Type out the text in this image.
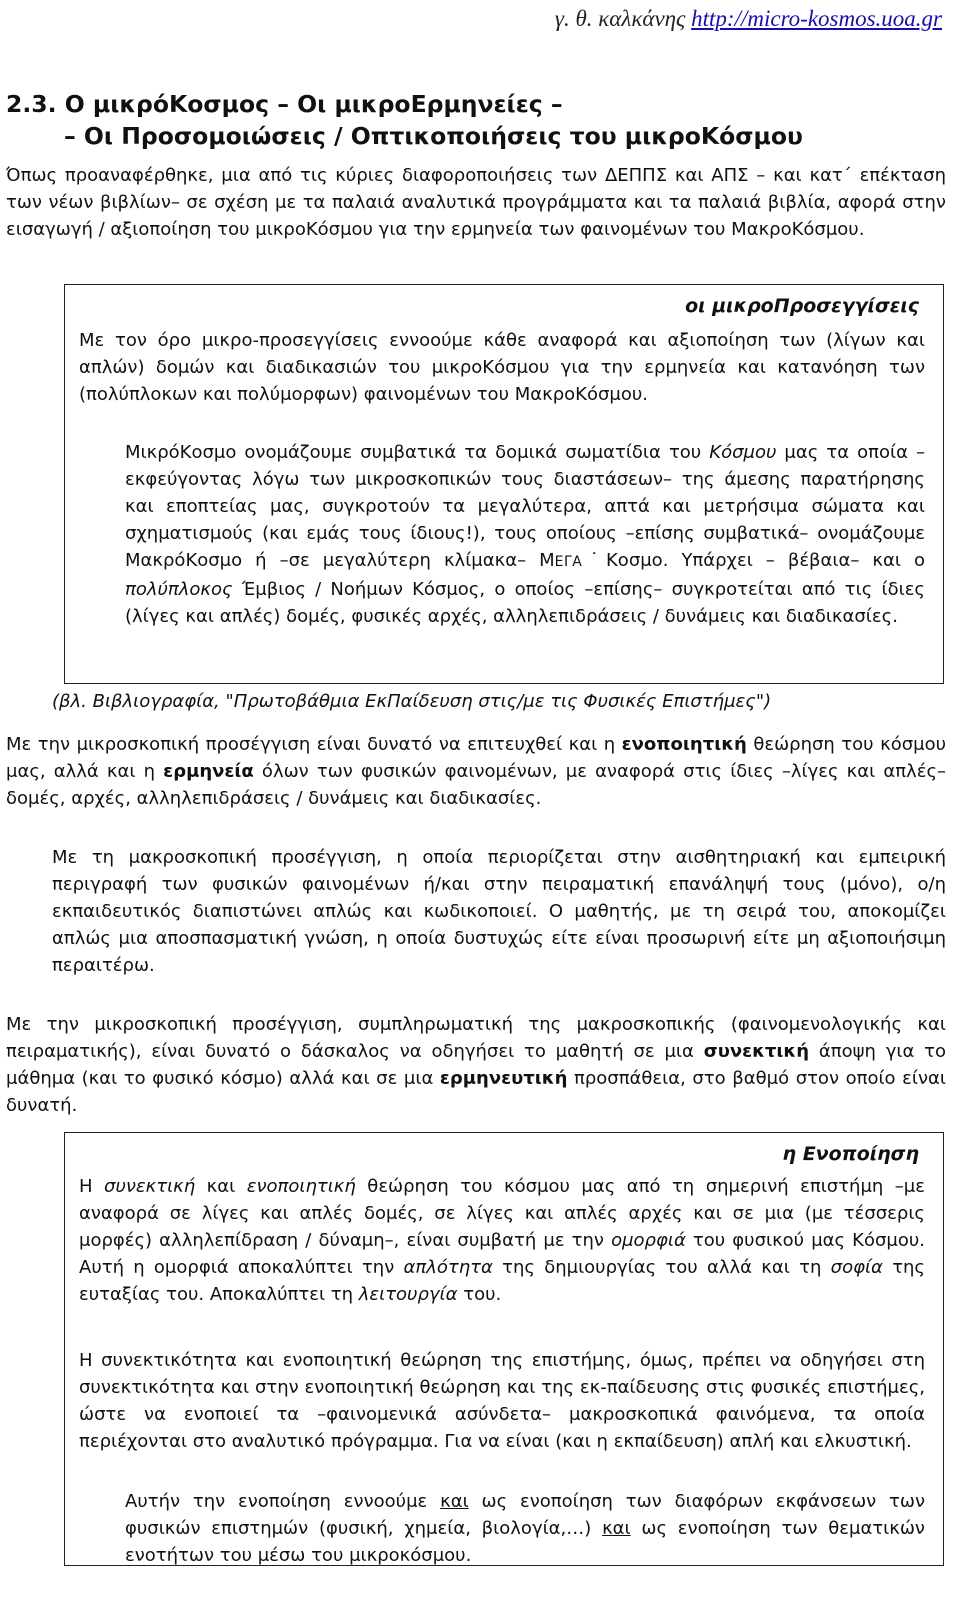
γ. θ. καλκάνης http://micro-kosmos.uoa.gr
2.3. Ο μικρόΚοσμος – Οι μικροΕρμηνείες –
– Οι Προσομοιώσεις / Οπτικοποιήσεις του μικροΚόσμου

Όπως προαναφέρθηκε, μια από τις κύριες διαφοροποιήσεις των ΔΕΠΠΣ και ΑΠΣ – και κατ΄ επέκταση των νέων βιβλίων– σε σχέση με τα παλαιά αναλυτικά προγράμματα και τα παλαιά βιβλία, αφορά στην εισαγωγή / αξιοποίηση του μικροΚόσμου για την ερμηνεία των φαινομένων του ΜακροΚόσμου.

οι μικροΠροσεγγίσεις

Με τον όρο μικρο-προσεγγίσεις εννοούμε κάθε αναφορά και αξιοποίηση των (λίγων και απλών) δομών και διαδικασιών του μικροΚόσμου για την ερμηνεία και κατανόηση των (πολύπλοκων και πολύμορφων) φαινομένων του ΜακροΚόσμου.

ΜικρόΚοσμο ονομάζουμε συμβατικά τα δομικά σωματίδια του Κόσμου μας τα οποία –εκφεύγοντας λόγω των μικροσκοπικών τους διαστάσεων– της άμεσης παρατήρησης και εποπτείας μας, συγκροτούν τα μεγαλύτερα, απτά και μετρήσιμα σώματα και σχηματισμούς (και εμάς τους ίδιους!), τους οποίους –επίσης συμβατικά– ονομάζουμε ΜακρόΚοσμο ή –σε μεγαλύτερη κλίμακα– ΜΕΓΑ˙Κοσμο. Υπάρχει – βέβαια– και ο πολύπλοκος Έμβιος / Νοήμων Κόσμος, ο οποίος –επίσης– συγκροτείται από τις ίδιες (λίγες και απλές) δομές, φυσικές αρχές, αλληλεπιδράσεις / δυνάμεις και διαδικασίες.

(βλ. Βιβλιογραφία, "Πρωτοβάθμια ΕκΠαίδευση στις/με τις Φυσικές Επιστήμες")

Με την μικροσκοπική προσέγγιση είναι δυνατό να επιτευχθεί και η ενοποιητική θεώρηση του κόσμου μας, αλλά και η ερμηνεία όλων των φυσικών φαινομένων, με αναφορά στις ίδιες –λίγες και απλές– δομές, αρχές, αλληλεπιδράσεις / δυνάμεις και διαδικασίες.

Με τη μακροσκοπική προσέγγιση, η οποία περιορίζεται στην αισθητηριακή και εμπειρική περιγραφή των φυσικών φαινομένων ή/και στην πειραματική επανάληψή τους (μόνο), ο/η εκπαιδευτικός διαπιστώνει απλώς και κωδικοποιεί. Ο μαθητής, με τη σειρά του, αποκομίζει απλώς μια αποσπασματική γνώση, η οποία δυστυχώς είτε είναι προσωρινή είτε μη αξιοποιήσιμη περαιτέρω.

Με την μικροσκοπική προσέγγιση, συμπληρωματική της μακροσκοπικής (φαινομενολογικής και πειραματικής), είναι δυνατό ο δάσκαλος να οδηγήσει το μαθητή σε μια συνεκτική άποψη για το μάθημα (και το φυσικό κόσμο) αλλά και σε μια ερμηνευτική προσπάθεια, στο βαθμό στον οποίο είναι δυνατή.

η Ενοποίηση

Η συνεκτική και ενοποιητική θεώρηση του κόσμου μας από τη σημερινή επιστήμη –με αναφορά σε λίγες και απλές δομές, σε λίγες και απλές αρχές και σε μια (με τέσσερις μορφές) αλληλεπίδραση / δύναμη–, είναι συμβατή με την ομορφιά του φυσικού μας Κόσμου. Αυτή η ομορφιά αποκαλύπτει την απλότητα της δημιουργίας του αλλά και τη σοφία της ευταξίας του. Αποκαλύπτει τη λειτουργία του.

Η συνεκτικότητα και ενοποιητική θεώρηση της επιστήμης, όμως, πρέπει να οδηγήσει στη συνεκτικότητα και στην ενοποιητική θεώρηση και της εκ-παίδευσης στις φυσικές επιστήμες, ώστε να ενοποιεί τα –φαινομενικά ασύνδετα– μακροσκοπικά φαινόμενα, τα οποία περιέχονται στο αναλυτικό πρόγραμμα. Για να είναι (και η εκπαίδευση) απλή και ελκυστική.

Αυτήν την ενοποίηση εννοούμε και ως ενοποίηση των διαφόρων εκφάνσεων των φυσικών επιστημών (φυσική, χημεία, βιολογία,…) και ως ενοποίηση των θεματικών ενοτήτων του μέσω του μικροκόσμου.
